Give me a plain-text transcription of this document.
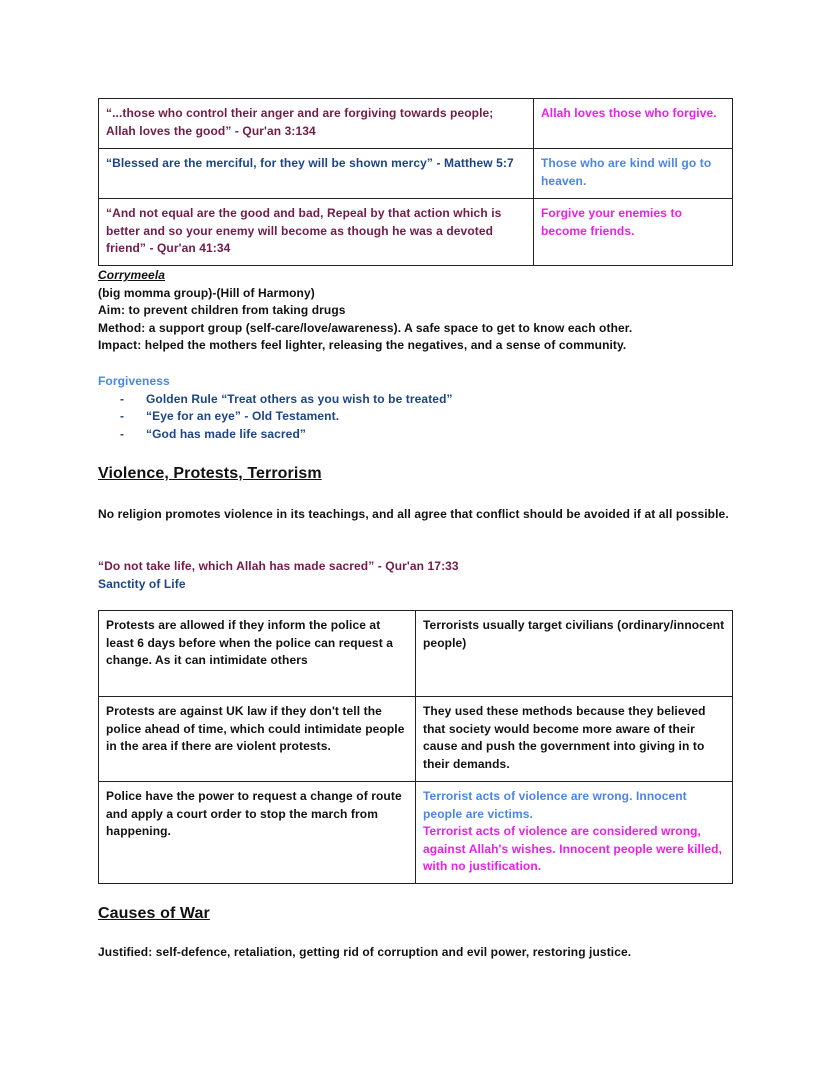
“...those who control their anger and are forgiving towards people; Allah loves the good” - Qur'an 3:134	Allah loves those who forgive.
“Blessed are the merciful, for they will be shown mercy” - Matthew 5:7	Those who are kind will go to heaven.
“And not equal are the good and bad, Repeal by that action which is better and so your enemy will become as though he was a devoted friend” - Qur'an 41:34	Forgive your enemies to become friends.
Corrymeela
(big momma group)-(Hill of Harmony)
Aim: to prevent children from taking drugs
Method: a support group (self-care/love/awareness). A safe space to get to know each other.
Impact: helped the mothers feel lighter, releasing the negatives, and a sense of community.
Forgiveness
- Golden Rule “Treat others as you wish to be treated”
- “Eye for an eye” - Old Testament.
- “God has made life sacred”
Violence, Protests, Terrorism
No religion promotes violence in its teachings, and all agree that conflict should be avoided if at all possible.
“Do not take life, which Allah has made sacred” - Qur'an 17:33
Sanctity of Life
Protests are allowed if they inform the police at least 6 days before when the police can request a change. As it can intimidate others	Terrorists usually target civilians (ordinary/innocent people)
Protests are against UK law if they don't tell the police ahead of time, which could intimidate people in the area if there are violent protests.	They used these methods because they believed that society would become more aware of their cause and push the government into giving in to their demands.
Police have the power to request a change of route and apply a court order to stop the march from happening.	Terrorist acts of violence are wrong. Innocent people are victims.
Terrorist acts of violence are considered wrong, against Allah's wishes. Innocent people were killed, with no justification.
Causes of War
Justified: self-defence, retaliation, getting rid of corruption and evil power, restoring justice.
